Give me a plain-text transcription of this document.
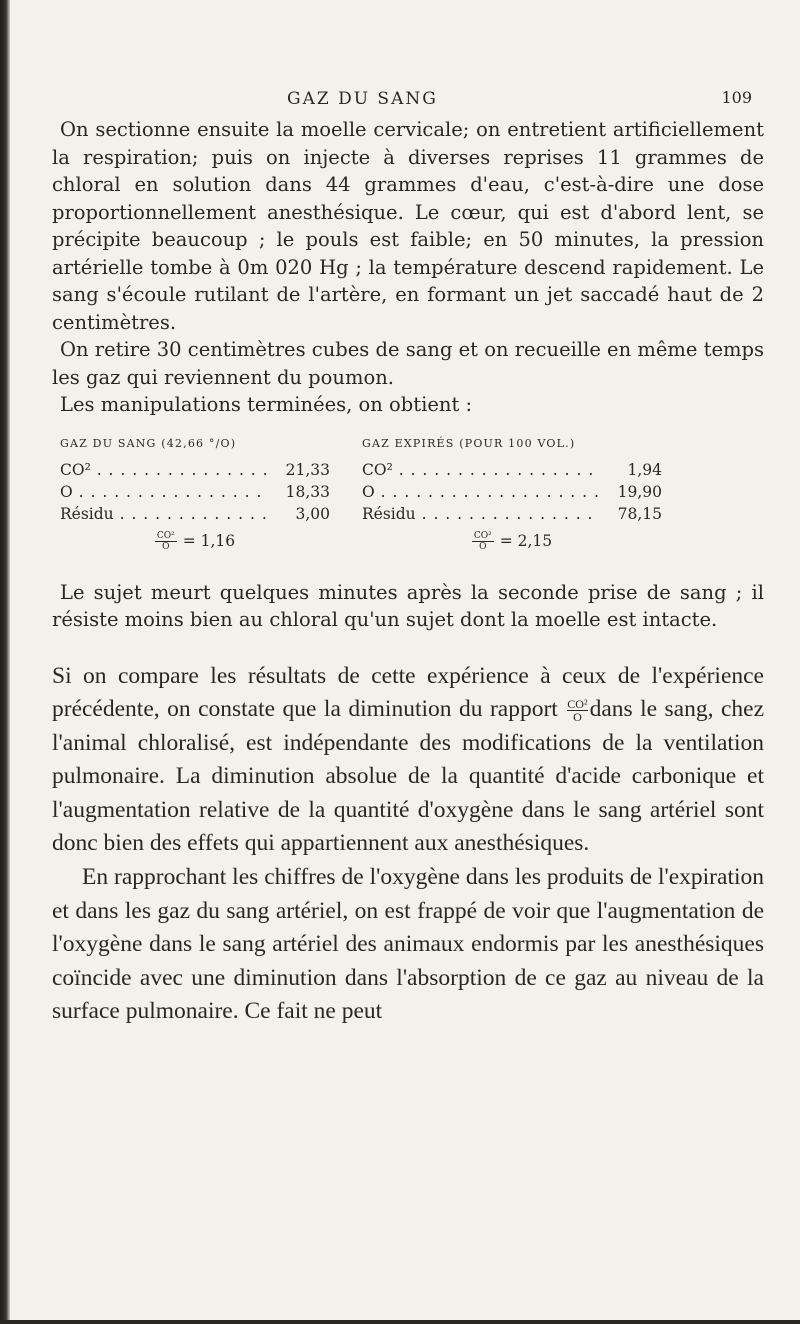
GAZ DU SANG	109

On sectionne ensuite la moelle cervicale; on entretient artificiellement la respiration; puis on injecte à diverses reprises 11 grammes de chloral en solution dans 44 grammes d'eau, c'est-à-dire une dose proportionnellement anesthésique. Le cœur, qui est d'abord lent, se précipite beaucoup ; le pouls est faible; en 50 minutes, la pression artérielle tombe à 0m 020 Hg ; la température descend rapidement. Le sang s'écoule rutilant de l'artère, en formant un jet saccadé haut de 2 centimètres.

On retire 30 centimètres cubes de sang et on recueille en même temps les gaz qui reviennent du poumon.

Les manipulations terminées, on obtient :

GAZ DU SANG (42,66 °/O)
CO² . . .	21,33
O . . .	18,33
Résidu . . .	3,00
$\frac{\text{CO²}}{O} = 1,16$
GAZ EXPIRÉS (POUR 100 VOL.)
CO² . . .	1,94
O . . .	19,90
Résidu . . .	78,15
$\frac{\text{CO²}}{O} = 2,15$

Le sujet meurt quelques minutes après la seconde prise de sang ; il résiste moins bien au chloral qu'un sujet dont la moelle est intacte.

Si on compare les résultats de cette expérience à ceux de l'expérience précédente, on constate que la diminution du rapport $\frac{\text{CO²}}{O}$ dans le sang, chez l'animal chloralisé, est indépendante des modifications de la ventilation pulmonaire. La diminution absolue de la quantité d'acide carbonique et l'augmentation relative de la quantité d'oxygène dans le sang artériel sont donc bien des effets qui appartiennent aux anesthésiques.

En rapprochant les chiffres de l'oxygène dans les produits de l'expiration et dans les gaz du sang artériel, on est frappé de voir que l'augmentation de l'oxygène dans le sang artériel des animaux endormis par les anesthésiques coïncide avec une diminution dans l'absorption de ce gaz au niveau de la surface pulmonaire. Ce fait ne peut
